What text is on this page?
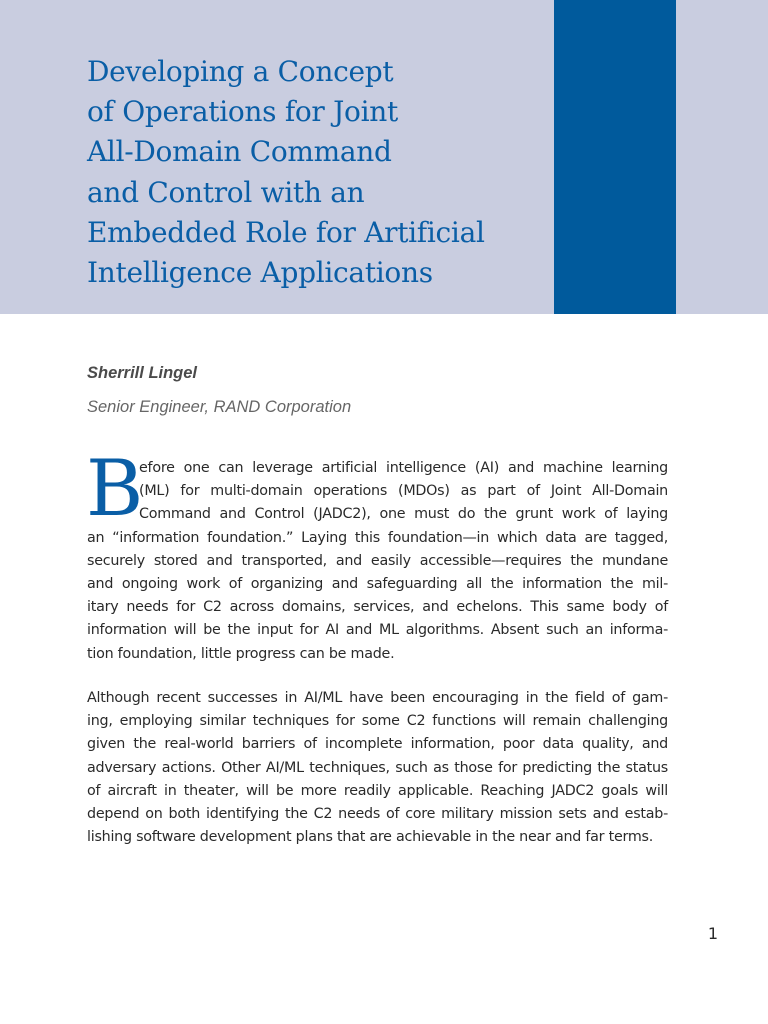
Developing a Concept
of Operations for Joint
All-Domain Command
and Control with an
Embedded Role for Artificial
Intelligence Applications

Sherrill Lingel

Senior Engineer, RAND Corporation

B

efore one can leverage artificial intelligence (AI) and machine learning
(ML) for multi-domain operations (MDOs) as part of Joint All-Domain
Command and Control (JADC2), one must do the grunt work of laying
an “information foundation.” Laying this foundation—in which data are tagged,
securely stored and transported, and easily accessible—requires the mundane
and ongoing work of organizing and safeguarding all the information the mil-
itary needs for C2 across domains, services, and echelons. This same body of
information will be the input for AI and ML algorithms. Absent such an informa-
tion foundation, little progress can be made.

Although recent successes in AI/ML have been encouraging in the field of gam-
ing, employing similar techniques for some C2 functions will remain challenging
given the real-world barriers of incomplete information, poor data quality, and
adversary actions. Other AI/ML techniques, such as those for predicting the status
of aircraft in theater, will be more readily applicable. Reaching JADC2 goals will
depend on both identifying the C2 needs of core military mission sets and estab-
lishing software development plans that are achievable in the near and far terms.

1
